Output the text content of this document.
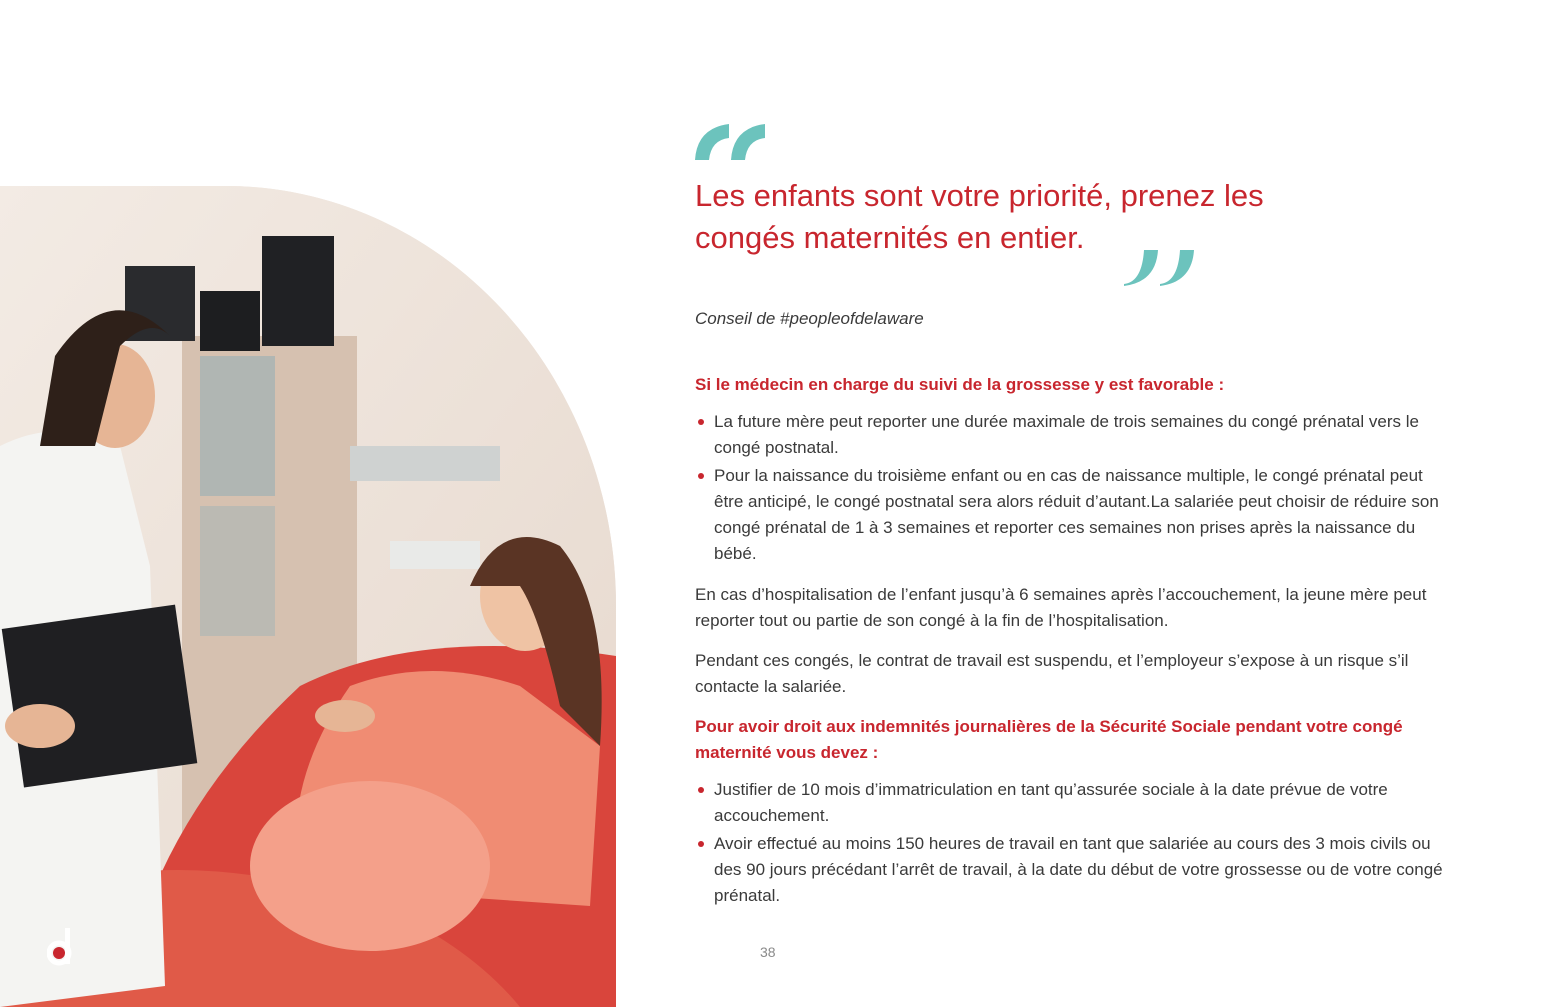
Les enfants sont votre priorité, prenez les congés maternités en entier.

Conseil de #peopleofdelaware

Si le médecin en charge du suivi de la grossesse y est favorable :
La future mère peut reporter une durée maximale de trois semaines du congé prénatal vers le congé postnatal.
Pour la naissance du troisième enfant ou en cas de naissance multiple, le congé prénatal peut être anticipé, le congé postnatal sera alors réduit d’autant.La salariée peut choisir de réduire son congé prénatal de 1 à 3 semaines et reporter ces semaines non prises après la naissance du bébé.

En cas d’hospitalisation de l’enfant jusqu’à 6 semaines après l’accouchement, la jeune mère peut reporter tout ou partie de son congé à la fin de l’hospitalisation.

Pendant ces congés, le contrat de travail est suspendu, et l’employeur s’expose à un risque s’il contacte la salariée.

Pour avoir droit aux indemnités journalières de la Sécurité Sociale pendant votre congé maternité vous devez :
Justifier de 10 mois d’immatriculation en tant qu’assurée sociale à la date prévue de votre accouchement.
Avoir effectué au moins 150 heures de travail en tant que salariée au cours des 3 mois civils ou des 90 jours précédant l’arrêt de travail, à la date du début de votre grossesse ou de votre congé prénatal.
38
